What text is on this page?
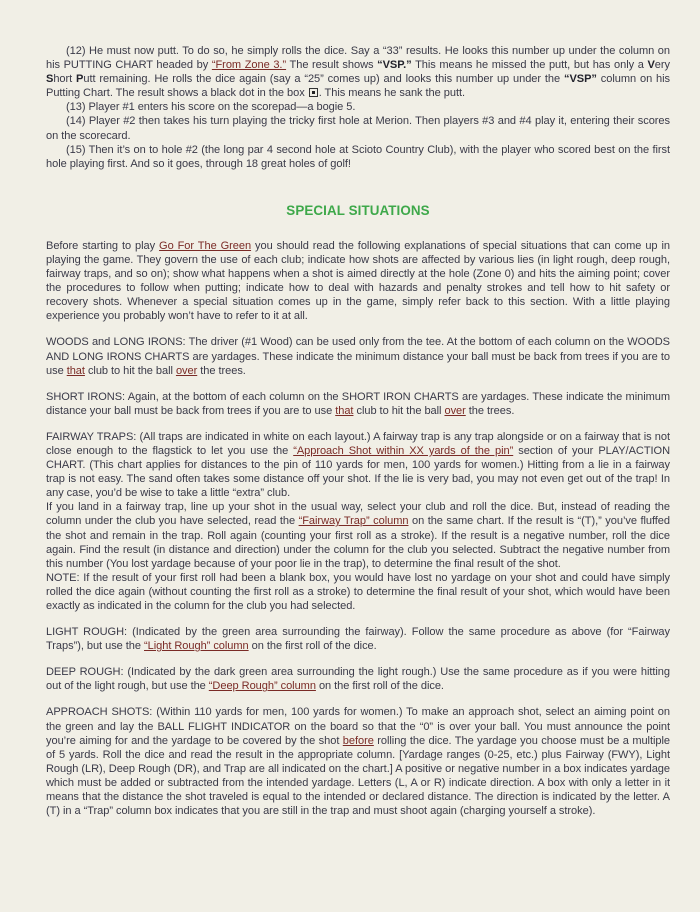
(12) He must now putt. To do so, he simply rolls the dice. Say a “33” results. He looks this number up under the column on his PUTTING CHART headed by “From Zone 3.” The result shows “VSP.” This means he missed the putt, but has only a Very Short Putt remaining. He rolls the dice again (say a “25” comes up) and looks this number up under the “VSP” column on his Putting Chart. The result shows a black dot in the box . This means he sank the putt.

(13) Player #1 enters his score on the scorepad—a bogie 5.

(14) Player #2 then takes his turn playing the tricky first hole at Merion. Then players #3 and #4 play it, entering their scores on the scorecard.

(15) Then it’s on to hole #2 (the long par 4 second hole at Scioto Country Club), with the player who scored best on the first hole playing first. And so it goes, through 18 great holes of golf!

SPECIAL SITUATIONS

Before starting to play Go For The Green you should read the following explanations of special situations that can come up in playing the game. They govern the use of each club; indicate how shots are affected by various lies (in light rough, deep rough, fairway traps, and so on); show what happens when a shot is aimed directly at the hole (Zone 0) and hits the aiming point; cover the procedures to follow when putting; indicate how to deal with hazards and penalty strokes and tell how to hit safety or recovery shots. Whenever a special situation comes up in the game, simply refer back to this section. With a little playing experience you probably won’t have to refer to it at all.

WOODS and LONG IRONS: The driver (#1 Wood) can be used only from the tee. At the bottom of each column on the WOODS AND LONG IRONS CHARTS are yardages. These indicate the minimum distance your ball must be back from trees if you are to use that club to hit the ball over the trees.

SHORT IRONS: Again, at the bottom of each column on the SHORT IRON CHARTS are yardages. These indicate the minimum distance your ball must be back from trees if you are to use that club to hit the ball over the trees.

FAIRWAY TRAPS: (All traps are indicated in white on each layout.) A fairway trap is any trap alongside or on a fairway that is not close enough to the flagstick to let you use the “Approach Shot within XX yards of the pin” section of your PLAY/ACTION CHART. (This chart applies for distances to the pin of 110 yards for men, 100 yards for women.) Hitting from a lie in a fairway trap is not easy. The sand often takes some distance off your shot. If the lie is very bad, you may not even get out of the trap! In any case, you’d be wise to take a little “extra” club.

If you land in a fairway trap, line up your shot in the usual way, select your club and roll the dice. But, instead of reading the column under the club you have selected, read the “Fairway Trap” column on the same chart. If the result is “(T),” you’ve fluffed the shot and remain in the trap. Roll again (counting your first roll as a stroke). If the result is a negative number, roll the dice again. Find the result (in distance and direction) under the column for the club you selected. Subtract the negative number from this number (You lost yardage because of your poor lie in the trap), to determine the final result of the shot.

NOTE: If the result of your first roll had been a blank box, you would have lost no yardage on your shot and could have simply rolled the dice again (without counting the first roll as a stroke) to determine the final result of your shot, which would have been exactly as indicated in the column for the club you had selected.

LIGHT ROUGH: (Indicated by the green area surrounding the fairway). Follow the same procedure as above (for “Fairway Traps”), but use the “Light Rough” column on the first roll of the dice.

DEEP ROUGH: (Indicated by the dark green area surrounding the light rough.) Use the same procedure as if you were hitting out of the light rough, but use the “Deep Rough” column on the first roll of the dice.

APPROACH SHOTS: (Within 110 yards for men, 100 yards for women.) To make an approach shot, select an aiming point on the green and lay the BALL FLIGHT INDICATOR on the board so that the “0” is over your ball. You must announce the point you’re aiming for and the yardage to be covered by the shot before rolling the dice. The yardage you choose must be a multiple of 5 yards. Roll the dice and read the result in the appropriate column. [Yardage ranges (0-25, etc.) plus Fairway (FWY), Light Rough (LR), Deep Rough (DR), and Trap are all indicated on the chart.] A positive or negative number in a box indicates yardage which must be added or subtracted from the intended yardage. Letters (L, A or R) indicate direction. A box with only a letter in it means that the distance the shot traveled is equal to the intended or declared distance. The direction is indicated by the letter. A (T) in a “Trap” column box indicates that you are still in the trap and must shoot again (charging yourself a stroke).
